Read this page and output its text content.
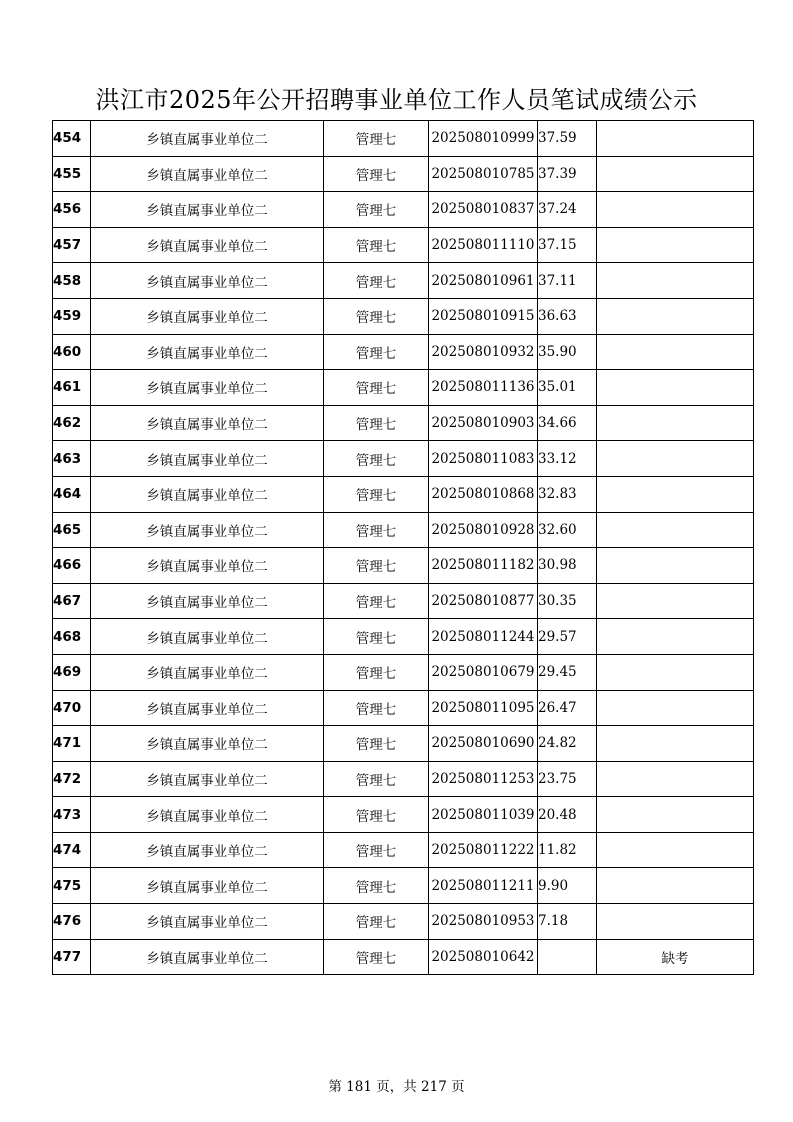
洪江市2025年公开招聘事业单位工作人员笔试成绩公示
454	乡镇直属事业单位二	管理七	202508010999	37.59	
455	乡镇直属事业单位二	管理七	202508010785	37.39	
456	乡镇直属事业单位二	管理七	202508010837	37.24	
457	乡镇直属事业单位二	管理七	202508011110	37.15	
458	乡镇直属事业单位二	管理七	202508010961	37.11	
459	乡镇直属事业单位二	管理七	202508010915	36.63	
460	乡镇直属事业单位二	管理七	202508010932	35.90	
461	乡镇直属事业单位二	管理七	202508011136	35.01	
462	乡镇直属事业单位二	管理七	202508010903	34.66	
463	乡镇直属事业单位二	管理七	202508011083	33.12	
464	乡镇直属事业单位二	管理七	202508010868	32.83	
465	乡镇直属事业单位二	管理七	202508010928	32.60	
466	乡镇直属事业单位二	管理七	202508011182	30.98	
467	乡镇直属事业单位二	管理七	202508010877	30.35	
468	乡镇直属事业单位二	管理七	202508011244	29.57	
469	乡镇直属事业单位二	管理七	202508010679	29.45	
470	乡镇直属事业单位二	管理七	202508011095	26.47	
471	乡镇直属事业单位二	管理七	202508010690	24.82	
472	乡镇直属事业单位二	管理七	202508011253	23.75	
473	乡镇直属事业单位二	管理七	202508011039	20.48	
474	乡镇直属事业单位二	管理七	202508011222	11.82	
475	乡镇直属事业单位二	管理七	202508011211	9.90	
476	乡镇直属事业单位二	管理七	202508010953	7.18	
477	乡镇直属事业单位二	管理七	202508010642		缺考
第 181 页，共 217 页
